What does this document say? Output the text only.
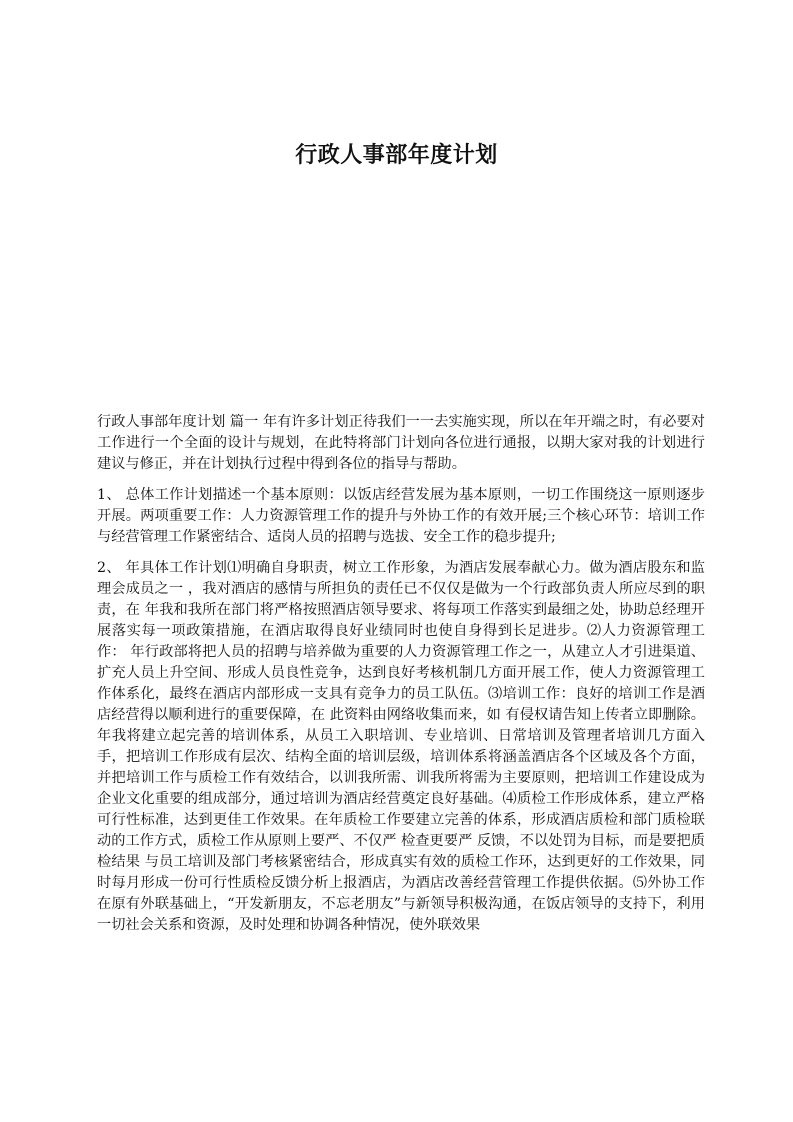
行政人事部年度计划

行政人事部年度计划 篇一 年有许多计划正待我们一一去实施实现，所以在年开端之时，有必要对工作进行一个全面的设计与规划，在此特将部门计划向各位进行通报，以期大家对我的计划进行建议与修正，并在计划执行过程中得到各位的指导与帮助。

1、 总体工作计划描述一个基本原则：以饭店经营发展为基本原则，一切工作围绕这一原则逐步开展。两项重要工作：人力资源管理工作的提升与外协工作的有效开展;三个核心环节：培训工作与经营管理工作紧密结合、适岗人员的招聘与选拔、安全工作的稳步提升;

2、 年具体工作计划⑴明确自身职责，树立工作形象，为酒店发展奉献心力。做为酒店股东和监理会成员之一 ，我对酒店的感情与所担负的责任已不仅仅是做为一个行政部负责人所应尽到的职责，在 年我和我所在部门将严格按照酒店领导要求、将每项工作落实到最细之处，协助总经理开展落实每一项政策措施，在酒店取得良好业绩同时也使自身得到长足进步。⑵人力资源管理工作： 年行政部将把人员的招聘与培养做为重要的人力资源管理工作之一，从建立人才引进渠道、扩充人员上升空间、形成人员良性竞争，达到良好考核机制几方面开展工作，使人力资源管理工作体系化，最终在酒店内部形成一支具有竞争力的员工队伍。⑶培训工作：良好的培训工作是酒店经营得以顺利进行的重要保障，在 此资料由网络收集而来，如 有侵权请告知上传者立即删除。年我将建立起完善的培训体系，从员工入职培训、专业培训、日常培训及管理者培训几方面入手，把培训工作形成有层次、结构全面的培训层级，培训体系将涵盖酒店各个区域及各个方面，并把培训工作与质检工作有效结合，以训我所需、训我所将需为主要原则，把培训工作建设成为企业文化重要的组成部分，通过培训为酒店经营奠定良好基础。⑷质检工作形成体系，建立严格可行性标准，达到更佳工作效果。在年质检工作要建立完善的体系，形成酒店质检和部门质检联动的工作方式，质检工作从原则上要严、不仅严 检查更要严 反馈，不以处罚为目标，而是要把质检结果 与员工培训及部门考核紧密结合，形成真实有效的质检工作环，达到更好的工作效果，同时每月形成一份可行性质检反馈分析上报酒店，为酒店改善经营管理工作提供依据。⑸外协工作在原有外联基础上，“开发新朋友，不忘老朋友”与新领导积极沟通，在饭店领导的支持下，利用一切社会关系和资源，及时处理和协调各种情况，使外联效果
